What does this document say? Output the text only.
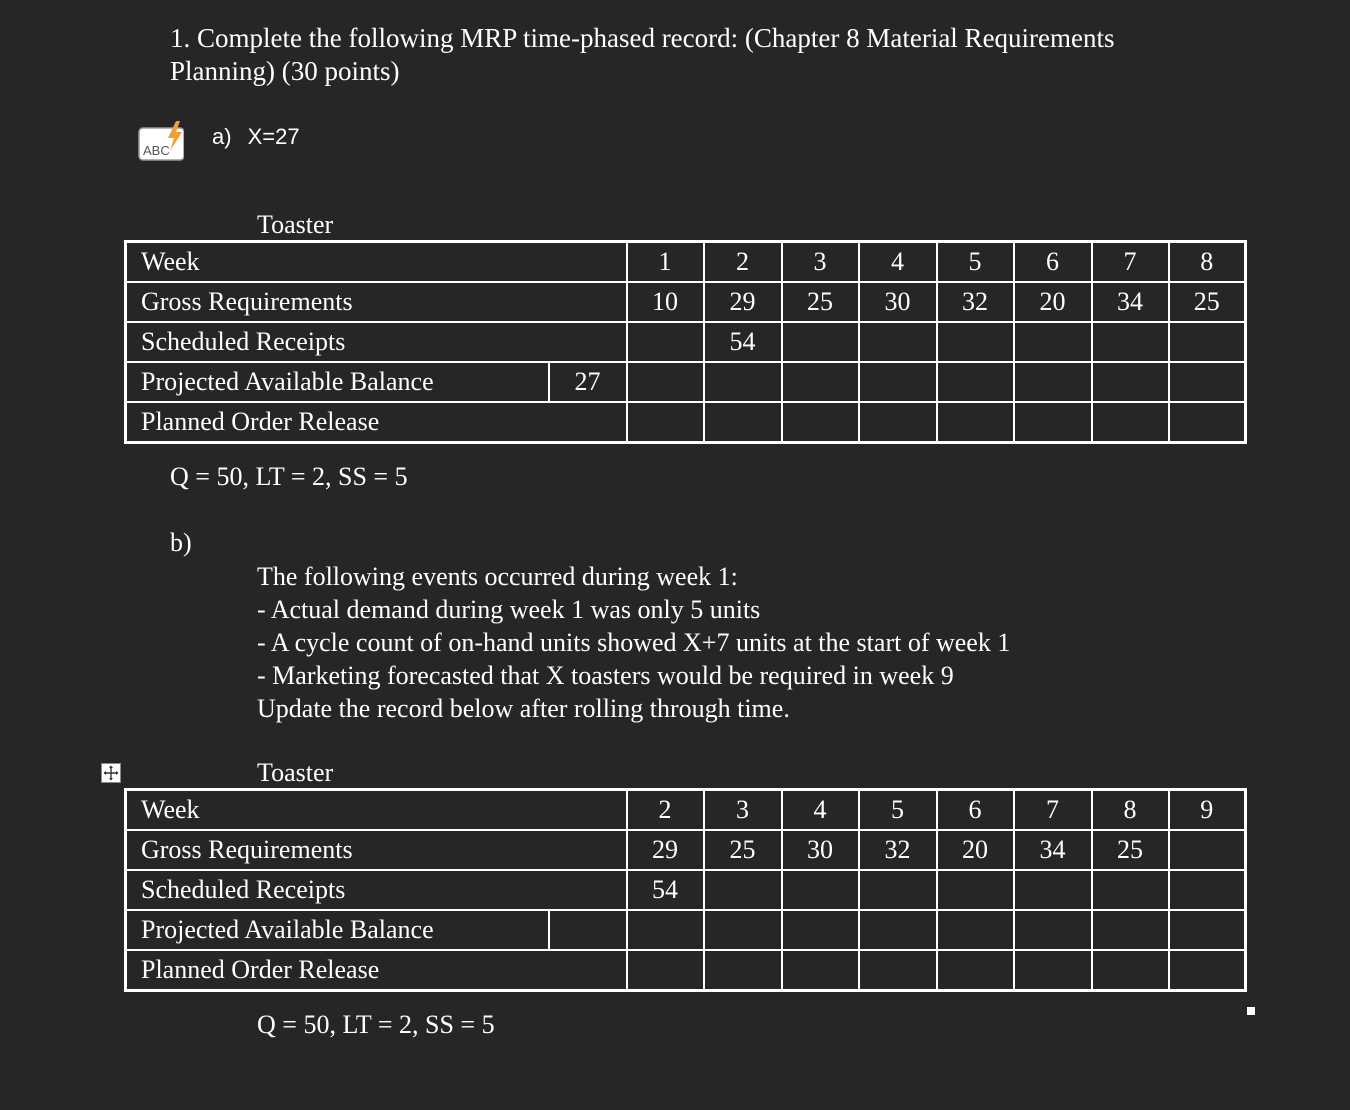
1. Complete the following MRP time-phased record: (Chapter 8 Material Requirements
Planning) (30 points)
ABC
a) X=27
Toaster
Week		1	2	3	4	5	6	7	8
Gross Requirements		10	29	25	30	32	20	34	25
Scheduled Receipts			54						
Projected Available Balance	27								
Planned Order Release									
Q = 50, LT = 2, SS = 5
b)
The following events occurred during week 1:
- Actual demand during week 1 was only 5 units
- A cycle count of on-hand units showed X+7 units at the start of week 1
- Marketing forecasted that X toasters would be required in week 9
Update the record below after rolling through time.
Toaster
Week		2	3	4	5	6	7	8	9
Gross Requirements		29	25	30	32	20	34	25	
Scheduled Receipts		54							
Projected Available Balance									
Planned Order Release									
Q = 50, LT = 2, SS = 5
